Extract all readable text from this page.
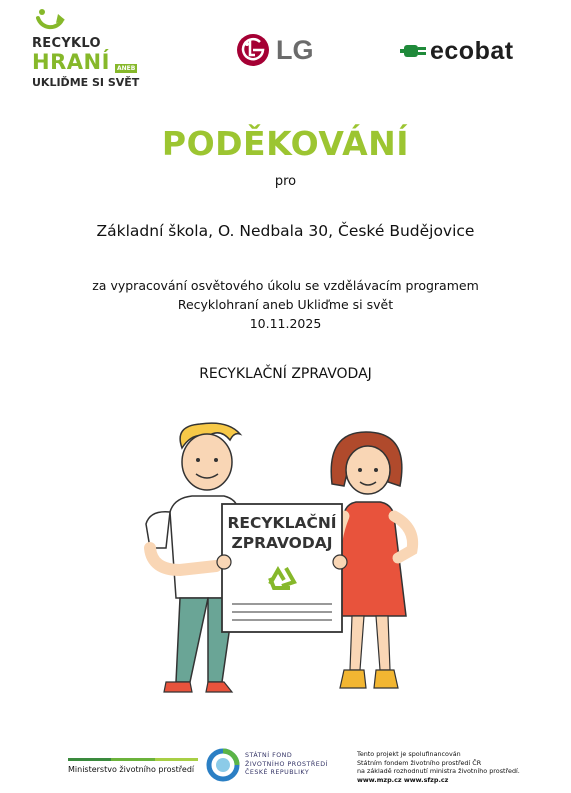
RECYKLO
HRANÍ	ANEB
UKLIĎME SI SVĚT
LG	ecobat
PODĚKOVÁNÍ
pro
Základní škola, O. Nedbala 30, České Budějovice
za vypracování osvětového úkolu se vzdělávacím programem
Recyklohraní aneb Ukliďme si svět
10.11.2025
RECYKLAČNÍ ZPRAVODAJ
RECYKLAČNÍ
ZPRAVODAJ
Ministerstvo životního prostředí
STÁTNÍ FOND
ŽIVOTNÍHO PROSTŘEDÍ
ČESKÉ REPUBLIKY
Tento projekt je spolufinancován
Státním fondem životního prostředí ČR
na základě rozhodnutí ministra životního prostředí.
www.mzp.cz www.sfzp.cz
